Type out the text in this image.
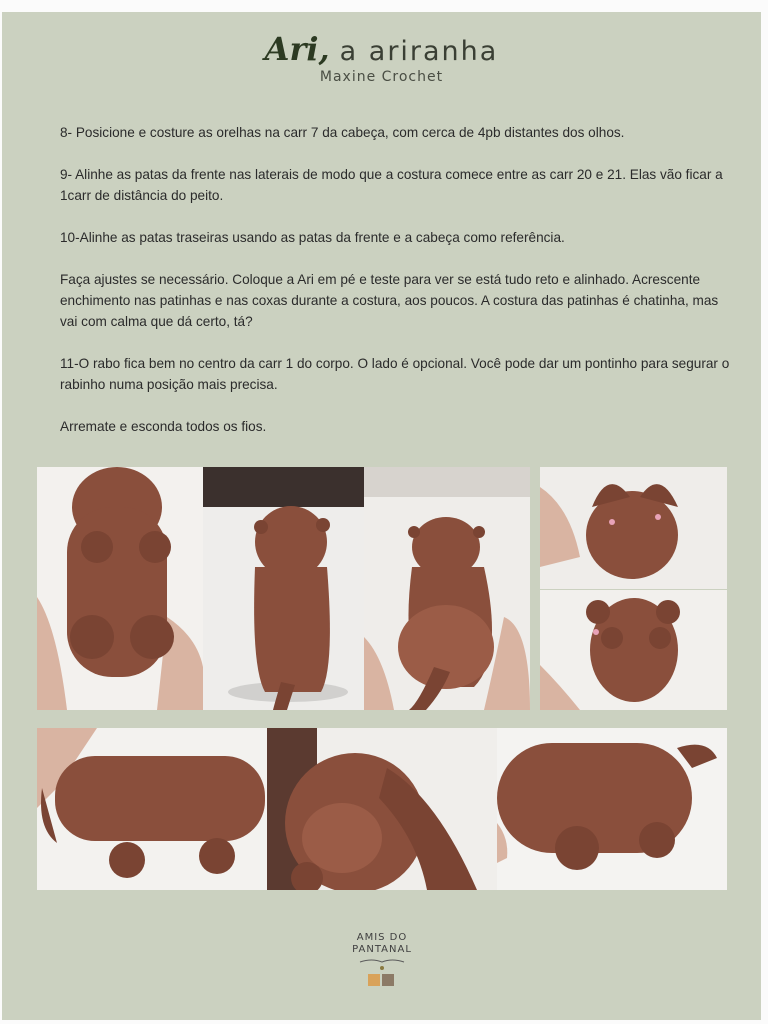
Ari, a ariranha
Maxine Crochet

8- Posicione e costure as orelhas na carr 7 da cabeça, com cerca de 4pb distantes dos olhos.

9- Alinhe as patas da frente nas laterais de modo que a costura comece entre as carr 20 e 21. Elas vão ficar a 1carr de distância do peito.

10-Alinhe as patas traseiras usando as patas da frente e a cabeça como referência.

Faça ajustes se necessário. Coloque a Ari em pé e teste para ver se está tudo reto e alinhado. Acrescente enchimento nas patinhas e nas coxas durante a costura, aos poucos. A costura das patinhas é chatinha, mas vai com calma que dá certo, tá?

11-O rabo fica bem no centro da carr 1 do corpo. O lado é opcional. Você pode dar um pontinho para segurar o rabinho numa posição mais precisa.

Arremate e esconda todos os fios.

AMIS DO
PANTANAL
